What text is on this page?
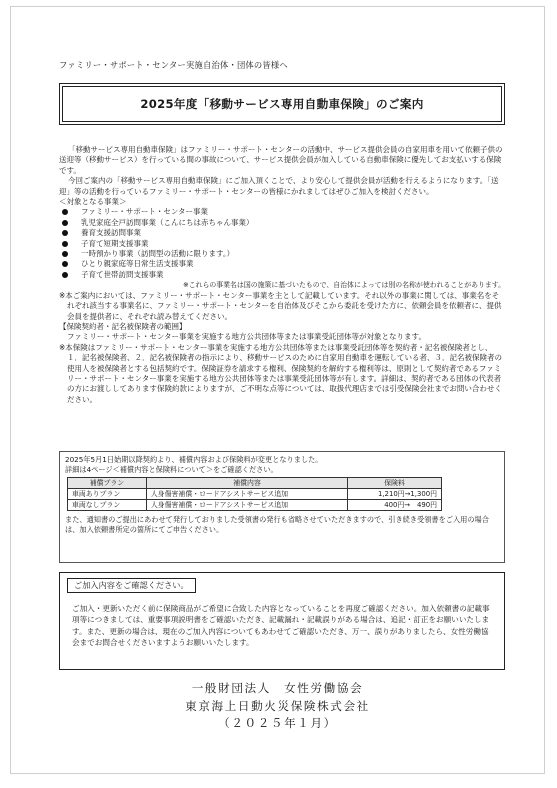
ファミリー・サポート・センター実施自治体・団体の皆様へ
2025年度「移動サービス専用自動車保険」のご案内

「移動サービス専用自動車保険」はファミリー・サポート・センターの活動中、サービス提供会員の自家用車を用いて依頼子供の送迎等（移動サービス）を行っている間の事故について、サービス提供会員が加入している自動車保険に優先してお支払いする保険です。

今回ご案内の「移動サービス専用自動車保険」にご加入頂くことで、より安心して提供会員が活動を行えるようになります。「送迎」等の活動を行っているファミリー・サポート・センターの皆様にかれましてはぜひご加入を検討ください。

＜対象となる事業＞

ファミリー・サポート・センター事業
乳児家庭全戸訪問事業（こんにちは赤ちゃん事業）
養育支援訪問事業
子育て短期支援事業
一時預かり事業（訪問型の活動に限ります。）
ひとり親家庭等日常生活支援事業
子育て世帯訪問支援事業

※これらの事業名は国の施策に基づいたもので、自治体によっては別の名称が使われることがあります。

※本ご案内においては、ファミリー・サポート・センター事業を主として記載しています。それ以外の事業に関しては、事業名をそれぞれ該当する事業名に、ファミリー・サポート・センターを自治体及びそこから委託を受けた方に、依頼会員を依頼者に、提供会員を提供者に、それぞれ読み替えてください。

【保険契約者・記名被保険者の範囲】

ファミリー・サポート・センター事業を実施する地方公共団体等または事業受託団体等が対象となります。

※本保険はファミリー・サポート・センター事業を実施する地方公共団体等または事業受託団体等を契約者・記名被保険者とし、１．記名被保険者、２．記名被保険者の指示により、移動サービスのために自家用自動車を運転している者、３．記名被保険者の使用人を被保険者とする包括契約です。保険証券を請求する権利、保険契約を解約する権利等は、原則として契約者であるファミリー・サポート・センター事業を実施する地方公共団体等または事業受託団体等が有します。詳細は、契約者である団体の代表者の方にお渡ししてあります保険約款によりますが、ご不明な点等については、取扱代理店までは引受保険会社までお問い合わせください。

2025年5月1日始期以降契約より、補償内容および保険料が変更となりました。
詳細は4ページ＜補償内容と保険料について＞をご確認ください。
補償プラン	補償内容	保険料
車両ありプラン	人身傷害補償・ロードアシストサービス追加	1,210円→1,300円
車両なしプラン	人身傷害補償・ロードアシストサービス追加	400円→　490円
また、通知書のご提出にあわせて発行しておりました受領書の発行も省略させていただきますので、引き続き受領書をご入用の場合は、加入依頼書所定の箇所にてご申告ください。
ご加入内容をご確認ください。
ご加入・更新いただく前に保険商品がご希望に合致した内容となっていることを再度ご確認ください。加入依頼書の記載事項等につきましては、重要事項説明書をご確認いただき、記載漏れ・記載誤りがある場合は、追記・訂正をお願いいたします。また、更新の場合は、現在のご加入内容についてもあわせてご確認いただき、万一、誤りがありましたら、女性労働協会までお問合せくださいますようお願いいたします。
一般財団法人　女性労働協会
東京海上日動火災保険株式会社
（２０２５年１月）
